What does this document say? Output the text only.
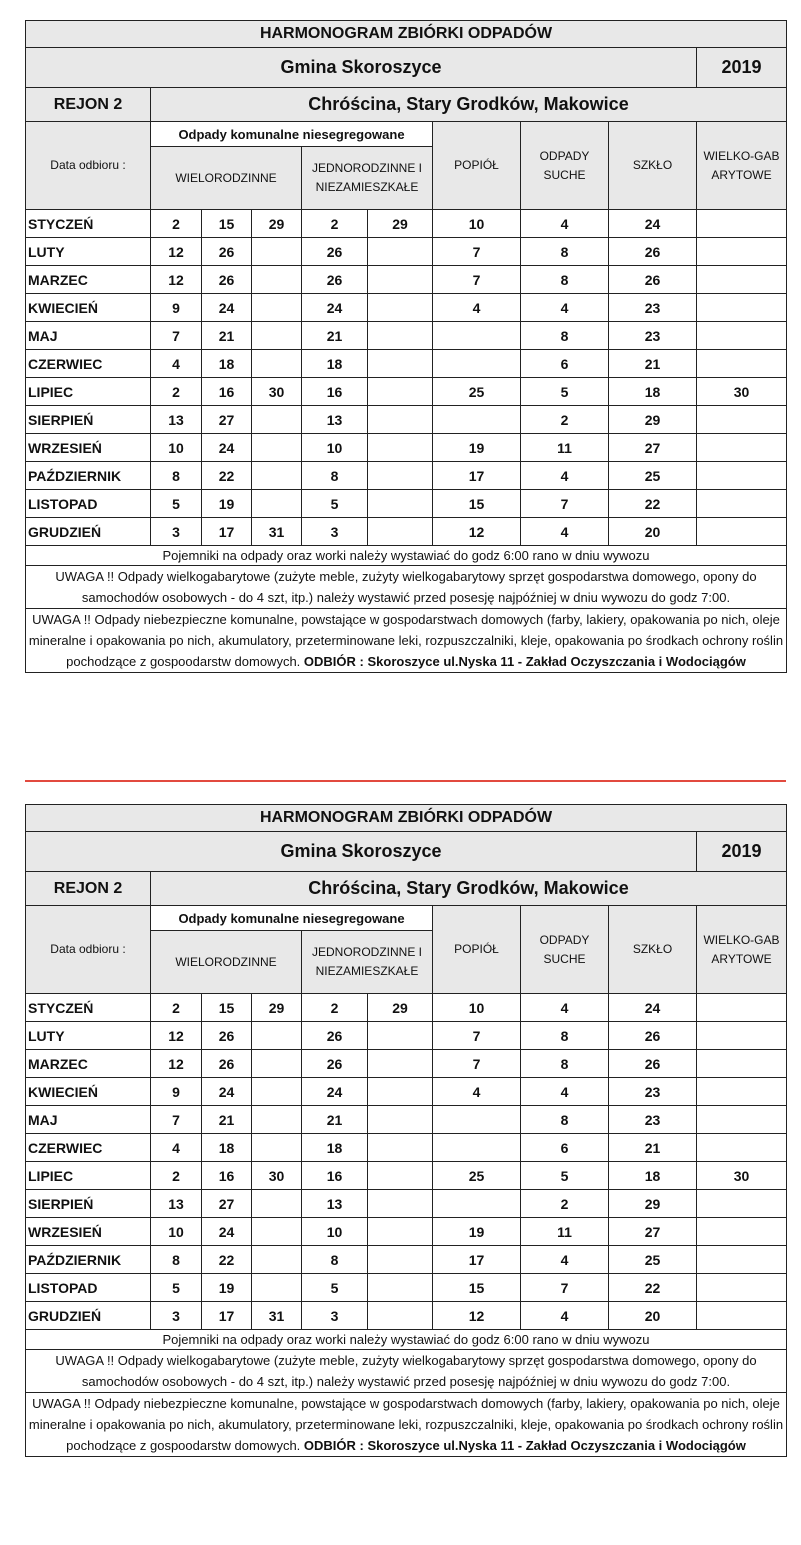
HARMONOGRAM ZBIÓRKI ODPADÓW									
Gmina Skoroszyce									2019
REJON 2	Chróścina, Stary Grodków, Makowice								
Data odbioru :	Odpady komunalne niesegregowane					POPIÓŁ	ODPADY SUCHE	SZKŁO	WIELKO-GABARYTOWE
	WIELORODZINNE			JEDNORODZINNE I NIEZAMIESZKAŁE					
STYCZEŃ	2	15	29	2	29	10	4	24	
LUTY	12	26		26		7	8	26	
MARZEC	12	26		26		7	8	26	
KWIECIEŃ	9	24		24		4	4	23	
MAJ	7	21		21			8	23	
CZERWIEC	4	18		18			6	21	
LIPIEC	2	16	30	16		25	5	18	30
SIERPIEŃ	13	27		13			2	29	
WRZESIEŃ	10	24		10		19	11	27	
PAŹDZIERNIK	8	22		8		17	4	25	
LISTOPAD	5	19		5		15	7	22	
GRUDZIEŃ	3	17	31	3		12	4	20	
Pojemniki na odpady oraz worki należy wystawiać do godz 6:00 rano w dniu wywozu									
UWAGA !! Odpady wielkogabarytowe (zużyte meble, zużyty wielkogabarytowy sprzęt gospodarstwa domowego, opony do samochodów osobowych - do 4 szt, itp.) należy wystawić przed posesję najpóźniej w dniu wywozu do godz 7:00.									
UWAGA !! Odpady niebezpieczne komunalne, powstające w gospodarstwach domowych (farby, lakiery, opakowania po nich, oleje mineralne i opakowania po nich, akumulatory, przeterminowane leki, rozpuszczalniki, kleje, opakowania po środkach ochrony roślin pochodzące z gospoodarstw domowych. ODBIÓR : Skoroszyce ul.Nyska 11 - Zakład Oczyszczania i Wodociągów									
HARMONOGRAM ZBIÓRKI ODPADÓW									
Gmina Skoroszyce									2019
REJON 2	Chróścina, Stary Grodków, Makowice								
Data odbioru :	Odpady komunalne niesegregowane					POPIÓŁ	ODPADY SUCHE	SZKŁO	WIELKO-GABARYTOWE
	WIELORODZINNE			JEDNORODZINNE I NIEZAMIESZKAŁE					
STYCZEŃ	2	15	29	2	29	10	4	24	
LUTY	12	26		26		7	8	26	
MARZEC	12	26		26		7	8	26	
KWIECIEŃ	9	24		24		4	4	23	
MAJ	7	21		21			8	23	
CZERWIEC	4	18		18			6	21	
LIPIEC	2	16	30	16		25	5	18	30
SIERPIEŃ	13	27		13			2	29	
WRZESIEŃ	10	24		10		19	11	27	
PAŹDZIERNIK	8	22		8		17	4	25	
LISTOPAD	5	19		5		15	7	22	
GRUDZIEŃ	3	17	31	3		12	4	20	
Pojemniki na odpady oraz worki należy wystawiać do godz 6:00 rano w dniu wywozu									
UWAGA !! Odpady wielkogabarytowe (zużyte meble, zużyty wielkogabarytowy sprzęt gospodarstwa domowego, opony do samochodów osobowych - do 4 szt, itp.) należy wystawić przed posesję najpóźniej w dniu wywozu do godz 7:00.									
UWAGA !! Odpady niebezpieczne komunalne, powstające w gospodarstwach domowych (farby, lakiery, opakowania po nich, oleje mineralne i opakowania po nich, akumulatory, przeterminowane leki, rozpuszczalniki, kleje, opakowania po środkach ochrony roślin pochodzące z gospoodarstw domowych. ODBIÓR : Skoroszyce ul.Nyska 11 - Zakład Oczyszczania i Wodociągów									
